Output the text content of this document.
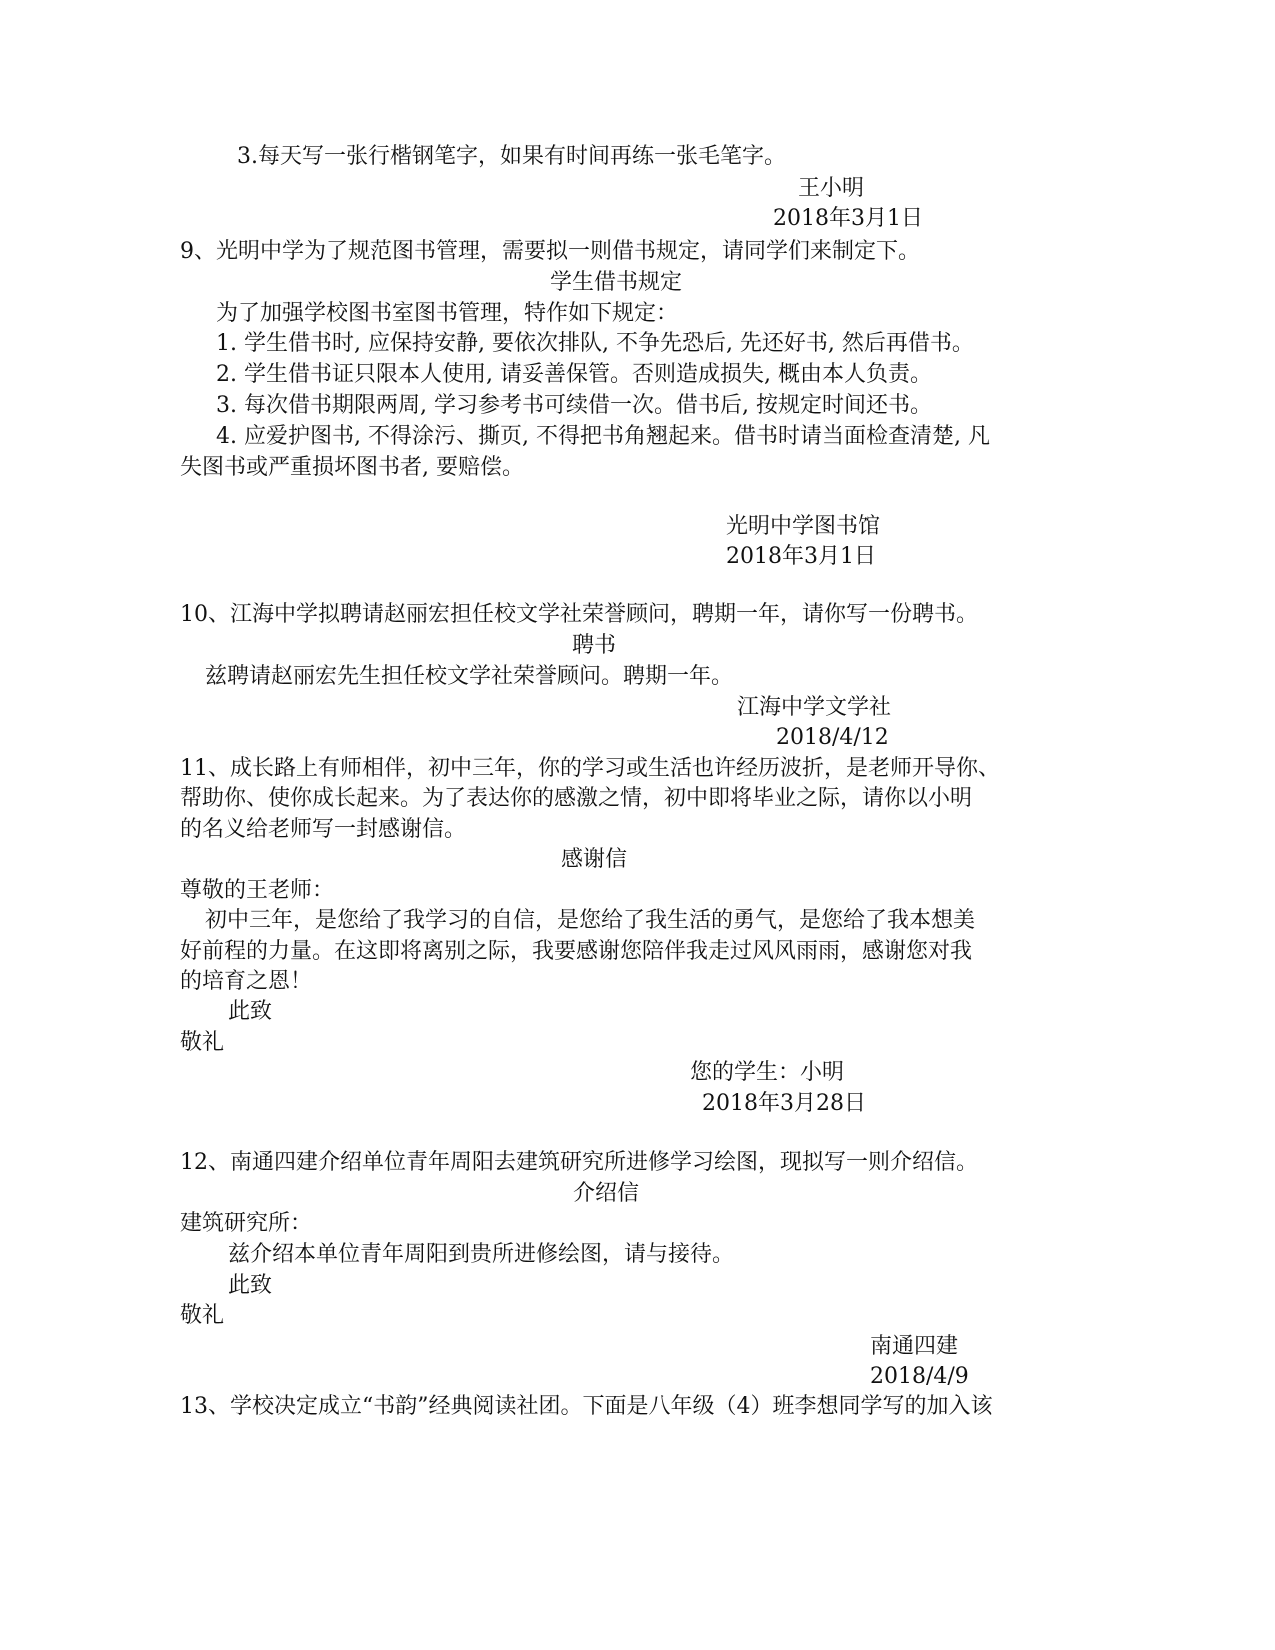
3.每天写一张行楷钢笔字，如果有时间再练一张毛笔字。
王小明
2018年3月1日
9、光明中学为了规范图书管理，需要拟一则借书规定，请同学们来制定下。
学生借书规定
为了加强学校图书室图书管理，特作如下规定：
1. 学生借书时, 应保持安静, 要依次排队, 不争先恐后, 先还好书, 然后再借书。
2. 学生借书证只限本人使用, 请妥善保管。否则造成损失, 概由本人负责。
3. 每次借书期限两周, 学习参考书可续借一次。借书后, 按规定时间还书。
4. 应爱护图书, 不得涂污、撕页, 不得把书角翘起来。借书时请当面检查清楚, 凡
失图书或严重损坏图书者, 要赔偿。
光明中学图书馆
2018年3月1日
10、江海中学拟聘请赵丽宏担任校文学社荣誉顾问，聘期一年，请你写一份聘书。
聘书
兹聘请赵丽宏先生担任校文学社荣誉顾问。聘期一年。
江海中学文学社
2018/4/12
11、成长路上有师相伴，初中三年，你的学习或生活也许经历波折，是老师开导你、
帮助你、使你成长起来。为了表达你的感激之情，初中即将毕业之际，请你以小明
的名义给老师写一封感谢信。
感谢信
尊敬的王老师：
初中三年，是您给了我学习的自信，是您给了我生活的勇气，是您给了我本想美
好前程的力量。在这即将离别之际，我要感谢您陪伴我走过风风雨雨，感谢您对我
的培育之恩！
此致
敬礼
您的学生：小明
2018年3月28日
12、南通四建介绍单位青年周阳去建筑研究所进修学习绘图，现拟写一则介绍信。
介绍信
建筑研究所：
兹介绍本单位青年周阳到贵所进修绘图，请与接待。
此致
敬礼
南通四建
2018/4/9
13、学校决定成立“书韵”经典阅读社团。下面是八年级（4）班李想同学写的加入该
